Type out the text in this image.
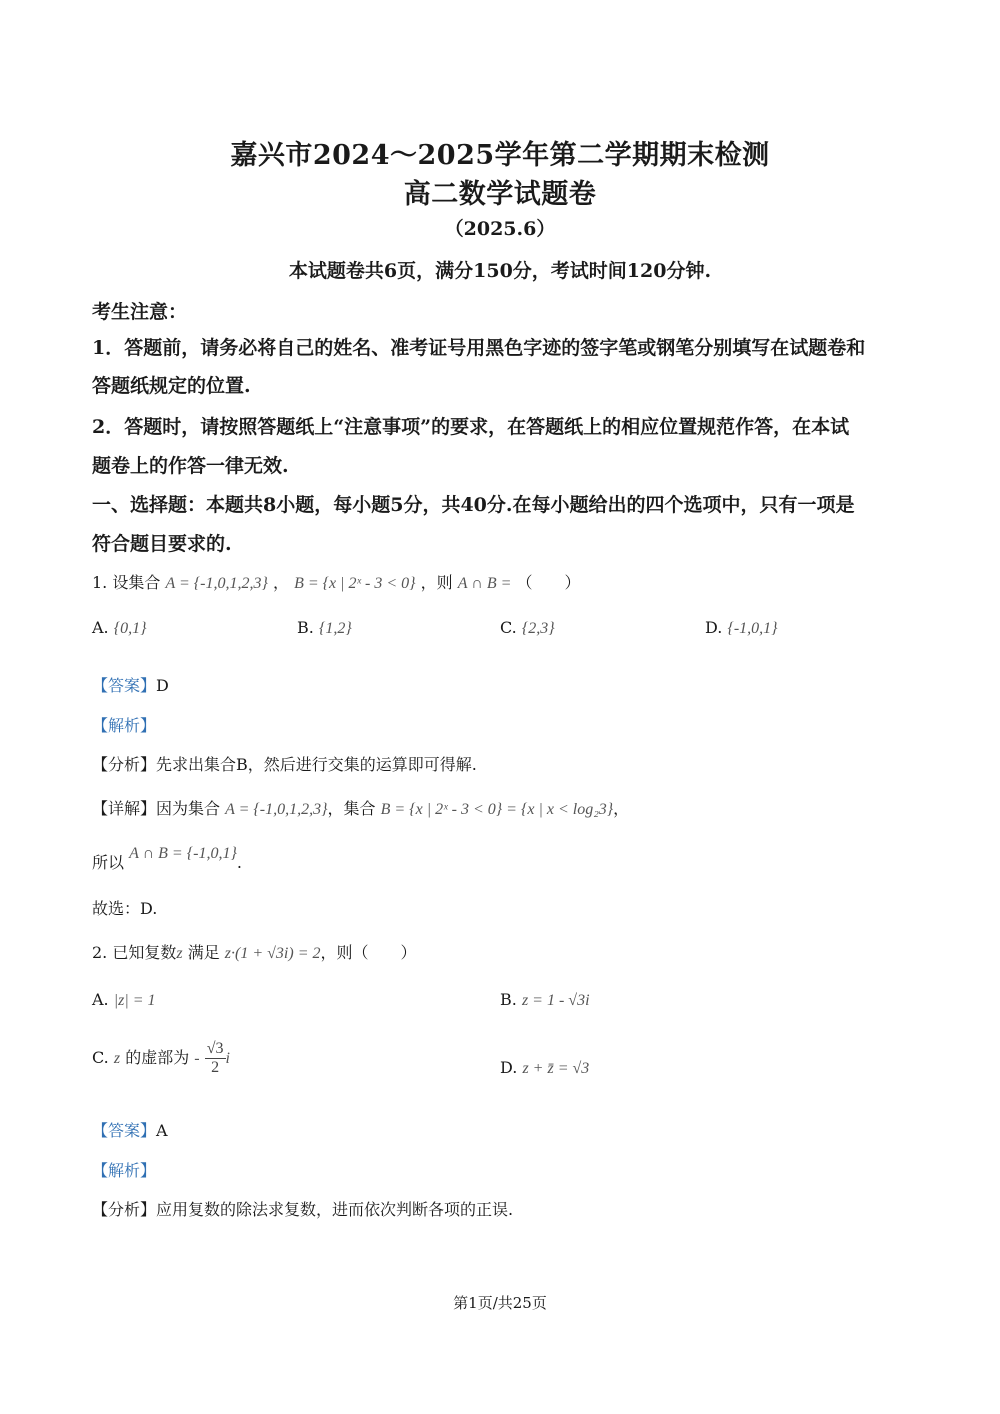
嘉兴市2024～2025学年第二学期期末检测
高二数学试题卷
（2025.6）
本试题卷共6页，满分150分，考试时间120分钟.
考生注意：
1．答题前，请务必将自己的姓名、准考证号用黑色字迹的签字笔或钢笔分别填写在试题卷和
答题纸规定的位置.
2．答题时，请按照答题纸上“注意事项”的要求，在答题纸上的相应位置规范作答，在本试
题卷上的作答一律无效.
一、选择题：本题共8小题，每小题5分，共40分.在每小题给出的四个选项中，只有一项是
符合题目要求的.
1. 设集合 A = {-1,0,1,2,3} ， B = {x | 2ˣ - 3 < 0} ，则 A ∩ B = （　　）
A. {0,1}	B. {1,2}	C. {2,3}	D. {-1,0,1}
【答案】D
【解析】
【分析】先求出集合B，然后进行交集的运算即可得解.
【详解】因为集合 A = {-1,0,1,2,3}，集合 B = {x | 2ˣ - 3 < 0} = {x | x < log₂3}，
所以 A ∩ B = {-1,0,1}.
故选：D.
2. 已知复数z 满足 z·(1 + √3i) = 2，则（　　）
A. |z| = 1	B. z = 1 - √3i
C. z 的虚部为 - $\frac{√3}{2}$ i	D. z + z̄ = √3
【答案】A
【解析】
【分析】应用复数的除法求复数，进而依次判断各项的正误.
第1页/共25页
